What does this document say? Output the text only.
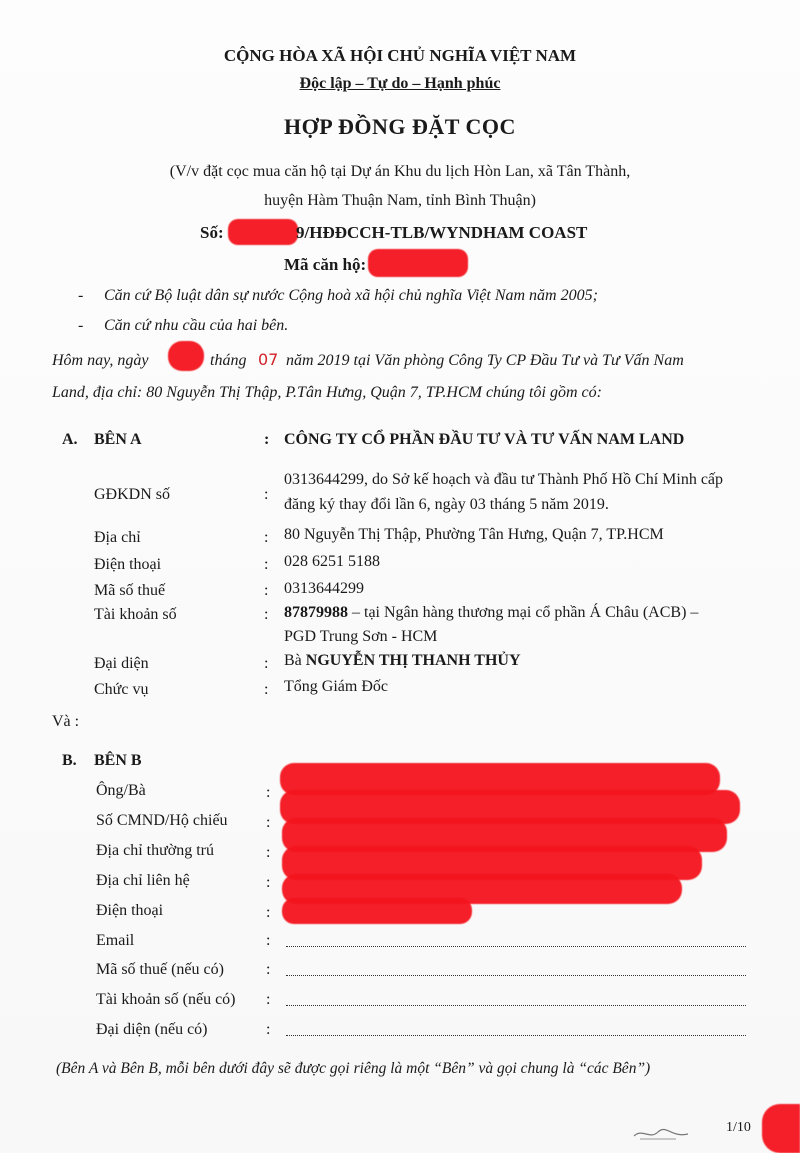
CỘNG HÒA XÃ HỘI CHỦ NGHĨA VIỆT NAM
Độc lập – Tự do – Hạnh phúc
HỢP ĐỒNG ĐẶT CỌC
(V/v đặt cọc mua căn hộ tại Dự án Khu du lịch Hòn Lan, xã Tân Thành,
huyện Hàm Thuận Nam, tỉnh Bình Thuận)
Số:	9/HĐĐCCH-TLB/WYNDHAM COAST
Mã căn hộ:
- Căn cứ Bộ luật dân sự nước Cộng hoà xã hội chủ nghĩa Việt Nam năm 2005;
- Căn cứ nhu cầu của hai bên.
Hôm nay, ngày	tháng 07 năm 2019 tại Văn phòng Công Ty CP Đầu Tư và Tư Vấn Nam
Land, địa chỉ: 80 Nguyễn Thị Thập, P.Tân Hưng, Quận 7, TP.HCM chúng tôi gồm có:
A. BÊN A	: CÔNG TY CỔ PHẦN ĐẦU TƯ VÀ TƯ VẤN NAM LAND
GĐKDN số	:
0313644299, do Sở kế hoạch và đầu tư Thành Phố Hồ Chí Minh cấp
đăng ký thay đổi lần 6, ngày 03 tháng 5 năm 2019.
Địa chỉ	: 80 Nguyễn Thị Thập, Phường Tân Hưng, Quận 7, TP.HCM
Điện thoại	: 028 6251 5188
Mã số thuế	: 0313644299
Tài khoản số	: 87879988 – tại Ngân hàng thương mại cổ phần Á Châu (ACB) –
PGD Trung Sơn - HCM
Đại diện	: Bà NGUYỄN THỊ THANH THỦY
Chức vụ	: Tổng Giám Đốc
Và :
B. BÊN B
Ông/Bà	:
Số CMND/Hộ chiếu :
Địa chỉ thường trú	:
Địa chỉ liên hệ	:
Điện thoại	:
Email	:
Mã số thuế (nếu có)	:
Tài khoản số (nếu có) :
Đại diện (nếu có)	:
(Bên A và Bên B, mỗi bên dưới đây sẽ được gọi riêng là một “Bên” và gọi chung là “các Bên”)
1/10
